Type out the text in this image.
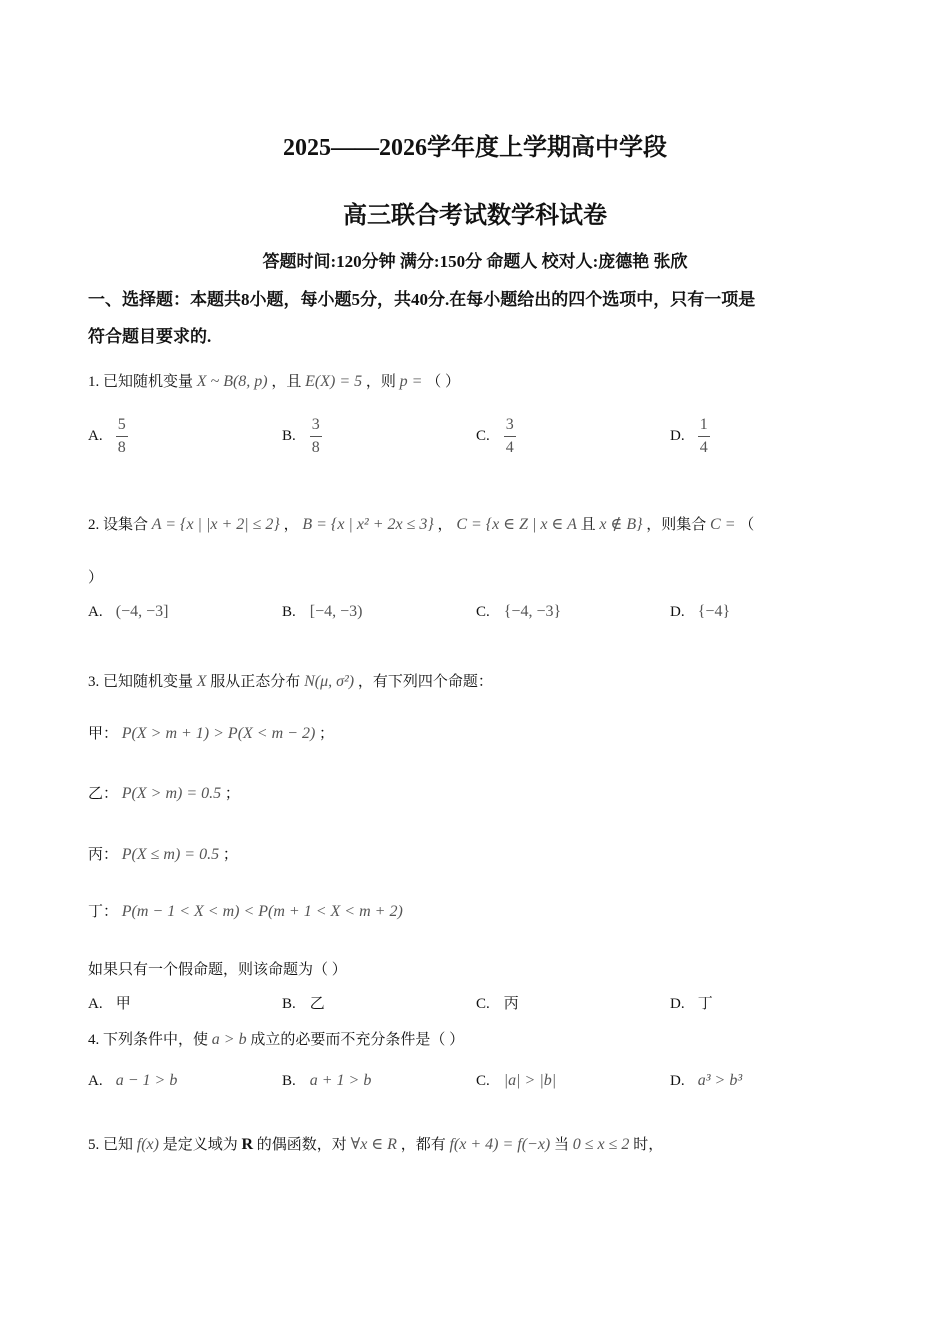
2025——2026学年度上学期高中学段
高三联合考试数学科试卷
答题时间:120分钟 满分:150分 命题人 校对人:庞德艳 张欣
一、选择题：本题共8小题，每小题5分，共40分.在每小题给出的四个选项中，只有一项是
符合题目要求的.
1. 已知随机变量 X ~ B(8, p) ，且 E(X) = 5 ，则 p = （ ）
A. $\frac{5}{8}$	B. $\frac{3}{8}$	C. $\frac{3}{4}$	D. $\frac{1}{4}$
2. 设集合 A = {x | |x + 2| ≤ 2} ， B = {x | x² + 2x ≤ 3} ， C = {x ∈ Z | x ∈ A 且 x ∉ B} ，则集合 C = （
）
A. (−4, −3]	B. [−4, −3)	C. {−4, −3}	D. {−4}
3. 已知随机变量 X 服从正态分布 N(μ, σ²) ，有下列四个命题：
甲： P(X > m + 1) > P(X < m − 2) ；
乙： P(X > m) = 0.5 ；
丙： P(X ≤ m) = 0.5 ；
丁： P(m − 1 < X < m) < P(m + 1 < X < m + 2)
如果只有一个假命题，则该命题为（ ）
A. 甲	B. 乙	C. 丙	D. 丁
4. 下列条件中，使 a > b 成立的必要而不充分条件是（ ）
A. a − 1 > b	B. a + 1 > b	C. |a| > |b|	D. a³ > b³
5. 已知 f(x) 是定义域为 R 的偶函数，对 ∀x ∈ R ，都有 f(x + 4) = f(−x) 当 0 ≤ x ≤ 2 时，
